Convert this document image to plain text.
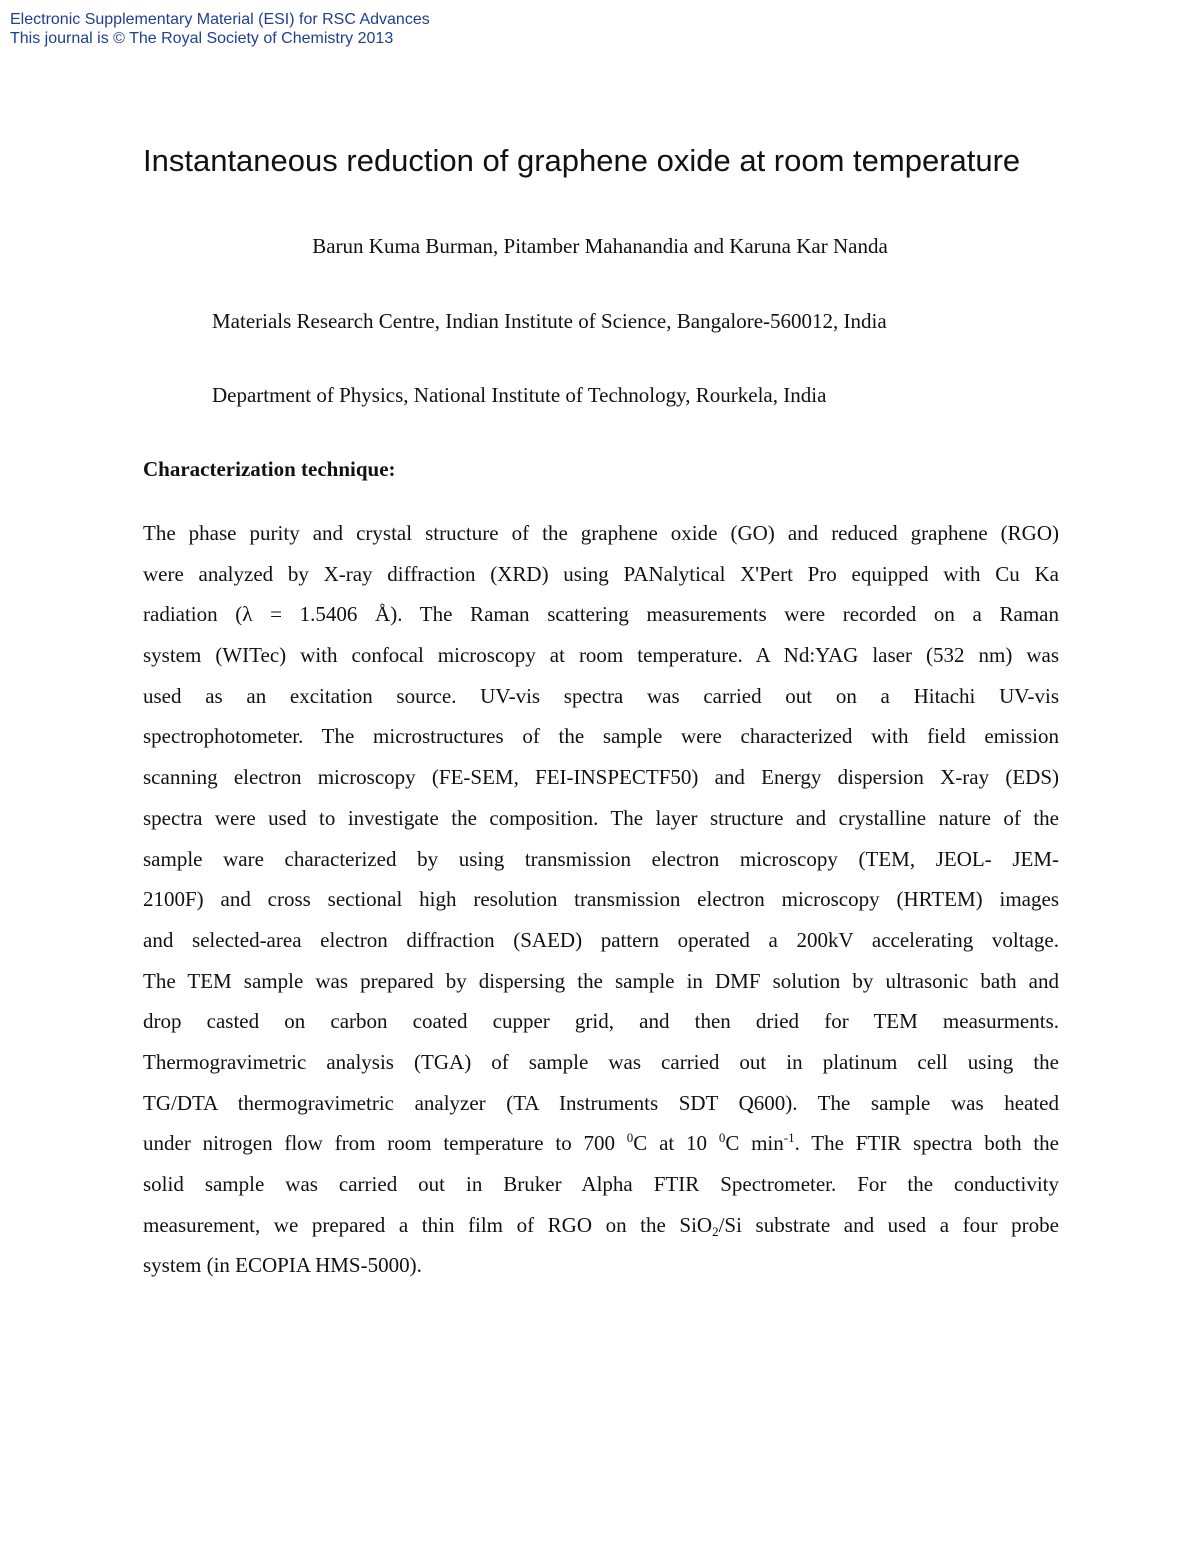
Electronic Supplementary Material (ESI) for RSC Advances
This journal is © The Royal Society of Chemistry 2013
Instantaneous reduction of graphene oxide at room temperature
Barun Kuma Burman, Pitamber Mahanandia and Karuna Kar Nanda
Materials Research Centre, Indian Institute of Science, Bangalore-560012, India
Department of Physics, National Institute of Technology, Rourkela, India
Characterization technique:
The phase purity and crystal structure of the graphene oxide (GO) and reduced graphene (RGO)
were analyzed by X-ray diffraction (XRD) using PANalytical X'Pert Pro equipped with Cu Ka
radiation (λ = 1.5406 Å). The Raman scattering measurements were recorded on a Raman
system (WITec) with confocal microscopy at room temperature. A Nd:YAG laser (532 nm) was
used as an excitation source. UV-vis spectra was carried out on a Hitachi UV-vis
spectrophotometer. The microstructures of the sample were characterized with field emission
scanning electron microscopy (FE-SEM, FEI-INSPECTF50) and Energy dispersion X-ray (EDS)
spectra were used to investigate the composition. The layer structure and crystalline nature of the
sample ware characterized by using transmission electron microscopy (TEM, JEOL- JEM-
2100F) and cross sectional high resolution transmission electron microscopy (HRTEM) images
and selected-area electron diffraction (SAED) pattern operated a 200kV accelerating voltage.
The TEM sample was prepared by dispersing the sample in DMF solution by ultrasonic bath and
drop casted on carbon coated cupper grid, and then dried for TEM measurments.
Thermogravimetric analysis (TGA) of sample was carried out in platinum cell using the
TG/DTA thermogravimetric analyzer (TA Instruments SDT Q600). The sample was heated
under nitrogen flow from room temperature to 700 $^0$C at 10 $^0$C $\min^{-1}$. The FTIR spectra both the
solid sample was carried out in Bruker Alpha FTIR Spectrometer. For the conductivity
measurement, we prepared a thin film of RGO on the SiO$_2$/Si substrate and used a four probe
system (in ECOPIA HMS-5000).
